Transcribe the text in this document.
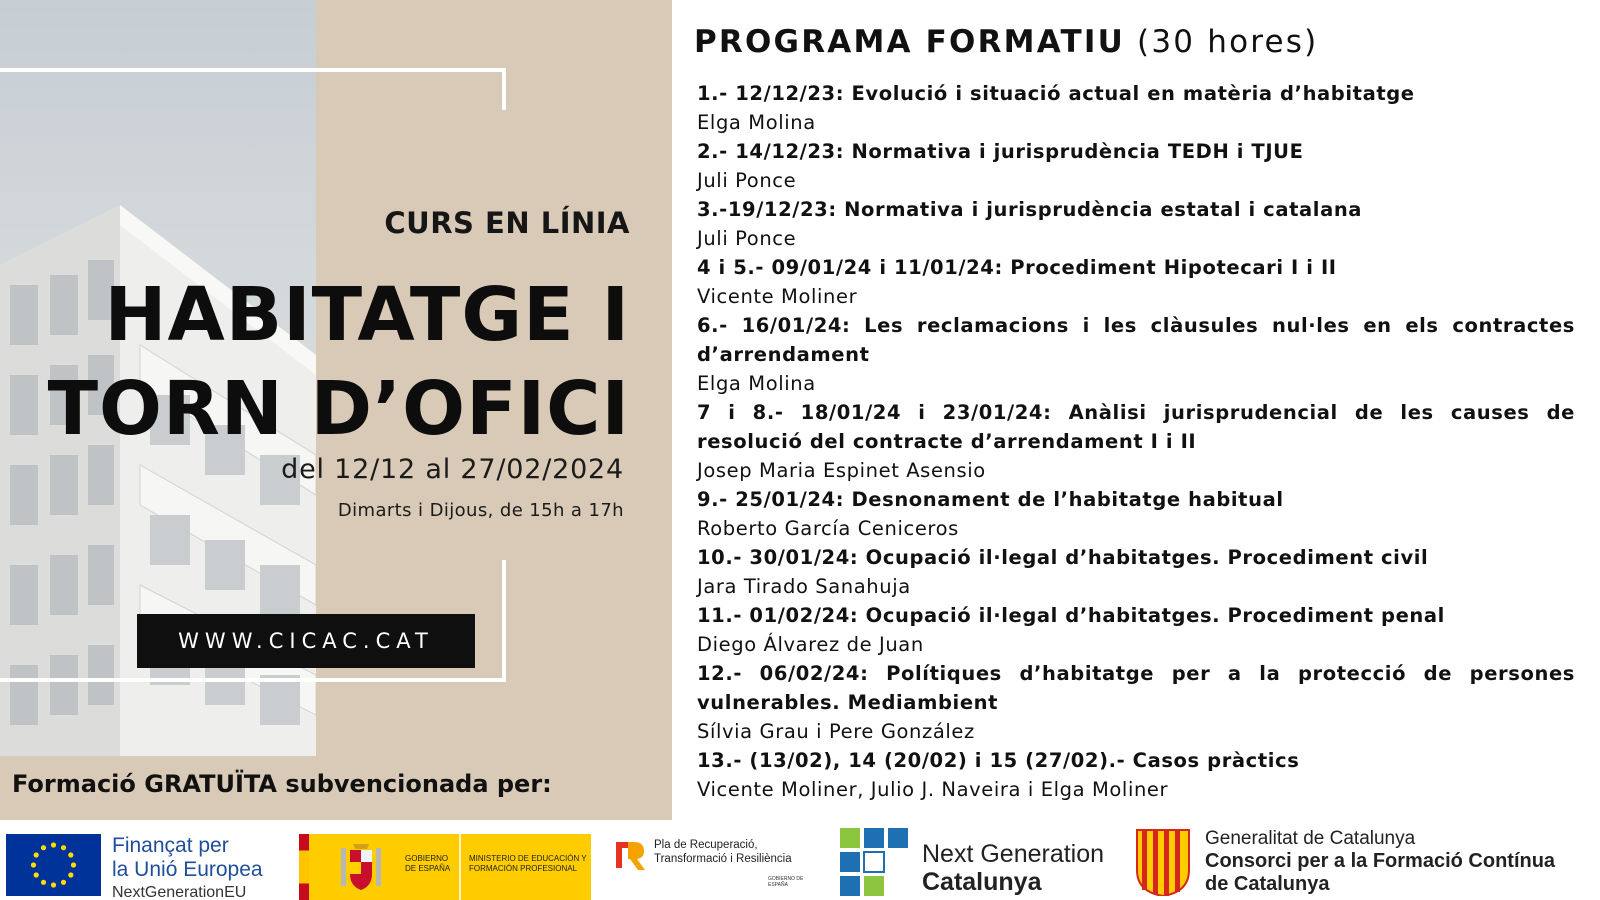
CURS EN LÍNIA
HABITATGE I
TORN D’OFICI
del 12/12 al 27/02/2024
Dimarts i Dijous, de 15h a 17h
WWW.CICAC.CAT
Formació GRATUÏTA subvencionada per:
PROGRAMA FORMATIU (30 hores)
1.- 12/12/23: Evolució i situació actual en matèria d’habitatge
Elga Molina
2.- 14/12/23: Normativa i jurisprudència TEDH i TJUE
Juli Ponce
3.-19/12/23: Normativa i jurisprudència estatal i catalana
Juli Ponce
4 i 5.- 09/01/24 i 11/01/24: Procediment Hipotecari I i II
Vicente Moliner
6.- 16/01/24: Les reclamacions i les clàusules nul·les en els contractes d’arrendament
Elga Molina
7 i 8.- 18/01/24 i 23/01/24: Anàlisi jurisprudencial de les causes de resolució del contracte d’arrendament I i II
Josep Maria Espinet Asensio
9.- 25/01/24: Desnonament de l’habitatge habitual
Roberto García Ceniceros
10.- 30/01/24: Ocupació il·legal d’habitatges. Procediment civil
Jara Tirado Sanahuja
11.- 01/02/24: Ocupació il·legal d’habitatges. Procediment penal
Diego Álvarez de Juan
12.- 06/02/24: Polítiques d’habitatge per a la protecció de persones vulnerables. Mediambient
Sílvia Grau i Pere González
13.- (13/02), 14 (20/02) i 15 (27/02).- Casos pràctics
Vicente Moliner, Julio J. Naveira i Elga Moliner
Finançat per
la Unió Europea
NextGenerationEU
GOBIERNO DE ESPAÑA
MINISTERIO DE EDUCACIÓN Y FORMACIÓN PROFESIONAL
Pla de Recuperació,
Transformació i Resiliència
GOBIERNO DE ESPAÑA
Next Generation
Catalunya
Generalitat de Catalunya
Consorci per a la Formació Contínua
de Catalunya
